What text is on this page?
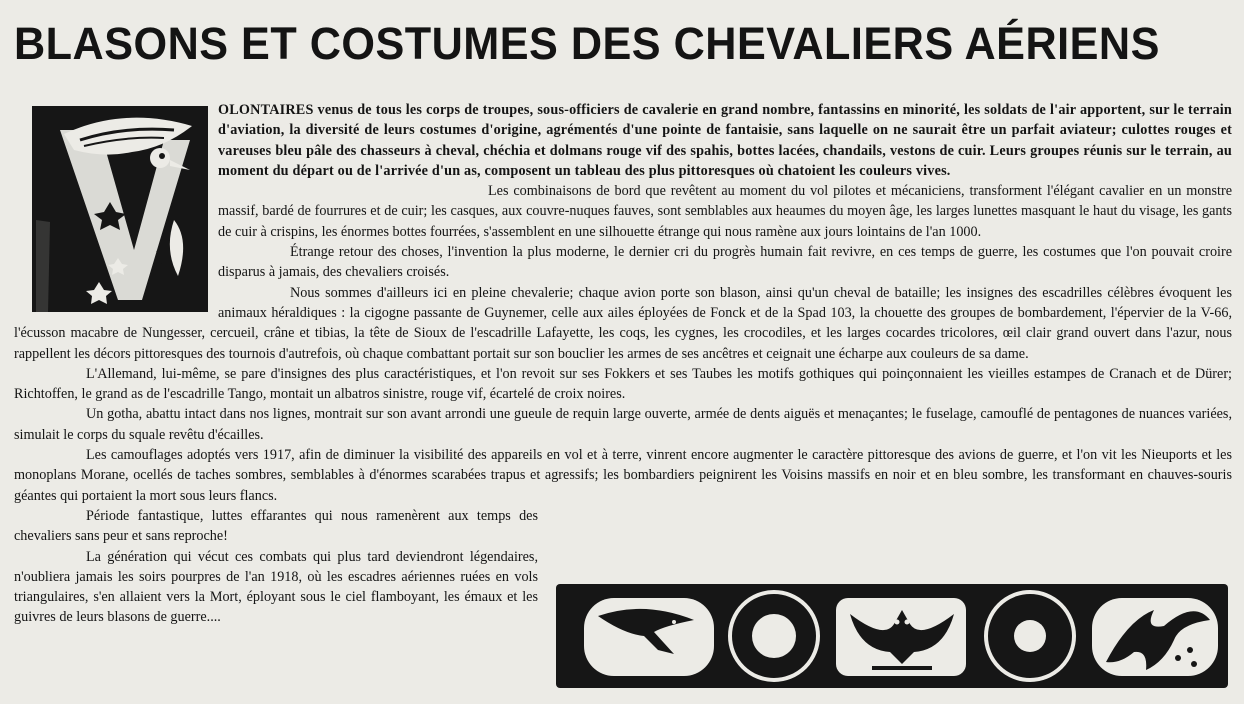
BLASONS ET COSTUMES DES CHEVALIERS AÉRIENS
OLONTAIRES venus de tous les corps de troupes, sous-officiers de cavalerie en grand nombre, fantassins en minorité, les soldats de l'air apportent, sur le terrain d'aviation, la diversité de leurs costumes d'origine, agrémentés d'une pointe de fantaisie, sans laquelle on ne saurait être un parfait aviateur; culottes rouges et vareuses bleu pâle des chasseurs à cheval, chéchia et dolmans rouge vif des spahis, bottes lacées, chandails, vestons de cuir. Leurs groupes réunis sur le terrain, au moment du départ ou de l'arrivée d'un as, composent un tableau des plus pittoresques où chatoient les couleurs vives.
Les combinaisons de bord que revêtent au moment du vol pilotes et mécaniciens, transforment l'élégant cavalier en un monstre massif, bardé de fourrures et de cuir; les casques, aux couvre-nuques fauves, sont semblables aux heaumes du moyen âge, les larges lunettes masquant le haut du visage, les gants de cuir à crispins, les énormes bottes fourrées, s'assemblent en une silhouette étrange qui nous ramène aux jours lointains de l'an 1000.
Étrange retour des choses, l'invention la plus moderne, le dernier cri du progrès humain fait revivre, en ces temps de guerre, les costumes que l'on pouvait croire disparus à jamais, des chevaliers croisés.
Nous sommes d'ailleurs ici en pleine chevalerie; chaque avion porte son blason, ainsi qu'un cheval de bataille; les insignes des escadrilles célèbres évoquent les animaux héraldiques : la cigogne passante de Guynemer, celle aux ailes éployées de Fonck et de la Spad 103, la chouette des groupes de bombardement, l'épervier de la V-66, l'écusson macabre de Nungesser, cercueil, crâne et tibias, la tête de Sioux de l'escadrille Lafayette, les coqs, les cygnes, les crocodiles, et les larges cocardes tricolores, œil clair grand ouvert dans l'azur, nous rappellent les décors pittoresques des tournois d'autrefois, où chaque combattant portait sur son bouclier les armes de ses ancêtres et ceignait une écharpe aux couleurs de sa dame.
L'Allemand, lui-même, se pare d'insignes des plus caractéristiques, et l'on revoit sur ses Fokkers et ses Taubes les motifs gothiques qui poinçonnaient les vieilles estampes de Cranach et de Dürer; Richtoffen, le grand as de l'escadrille Tango, montait un albatros sinistre, rouge vif, écartelé de croix noires.
Un gotha, abattu intact dans nos lignes, montrait sur son avant arrondi une gueule de requin large ouverte, armée de dents aiguës et menaçantes; le fuselage, camouflé de pentagones de nuances variées, simulait le corps du squale revêtu d'écailles.
Les camouflages adoptés vers 1917, afin de diminuer la visibilité des appareils en vol et à terre, vinrent encore augmenter le caractère pittoresque des avions de guerre, et l'on vit les Nieuports et les monoplans Morane, ocellés de taches sombres, semblables à d'énormes scarabées trapus et agressifs; les bombardiers peignirent les Voisins massifs en noir et en bleu sombre, les transformant en chauves-souris géantes qui portaient la mort sous leurs flancs.
Période fantastique, luttes effarantes qui nous ramenèrent aux temps des chevaliers sans peur et sans reproche!
La génération qui vécut ces combats qui plus tard deviendront légendaires, n'oubliera jamais les soirs pourpres de l'an 1918, où les escadres aériennes ruées en vols triangulaires, s'en allaient vers la Mort, éployant sous le ciel flamboyant, les émaux et les guivres de leurs blasons de guerre....
